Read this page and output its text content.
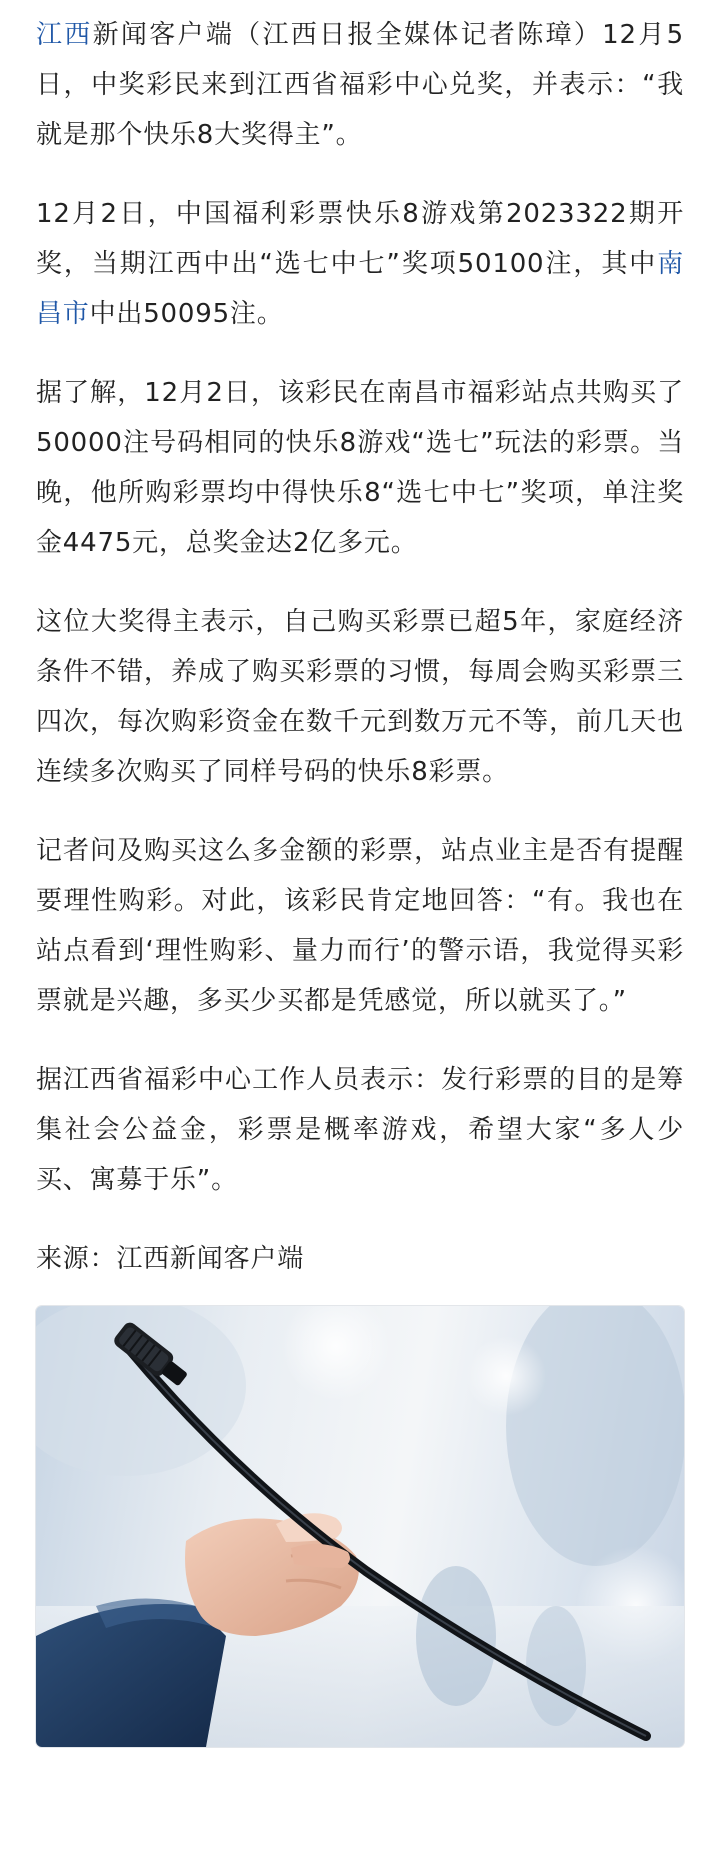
江西新闻客户端（江西日报全媒体记者陈璋）12月5日，中奖彩民来到江西省福彩中心兑奖，并表示：“我就是那个快乐8大奖得主”。

12月2日，中国福利彩票快乐8游戏第2023322期开奖，当期江西中出“选七中七”奖项50100注，其中南昌市中出50095注。

据了解，12月2日，该彩民在南昌市福彩站点共购买了50000注号码相同的快乐8游戏“选七”玩法的彩票。当晚，他所购彩票均中得快乐8“选七中七”奖项，单注奖金4475元，总奖金达2亿多元。

这位大奖得主表示，自己购买彩票已超5年，家庭经济条件不错，养成了购买彩票的习惯，每周会购买彩票三四次，每次购彩资金在数千元到数万元不等，前几天也连续多次购买了同样号码的快乐8彩票。

记者问及购买这么多金额的彩票，站点业主是否有提醒要理性购彩。对此，该彩民肯定地回答：“有。我也在站点看到‘理性购彩、量力而行’的警示语，我觉得买彩票就是兴趣，多买少买都是凭感觉，所以就买了。”

据江西省福彩中心工作人员表示：发行彩票的目的是筹集社会公益金，彩票是概率游戏，希望大家“多人少买、寓募于乐”。

来源：江西新闻客户端
